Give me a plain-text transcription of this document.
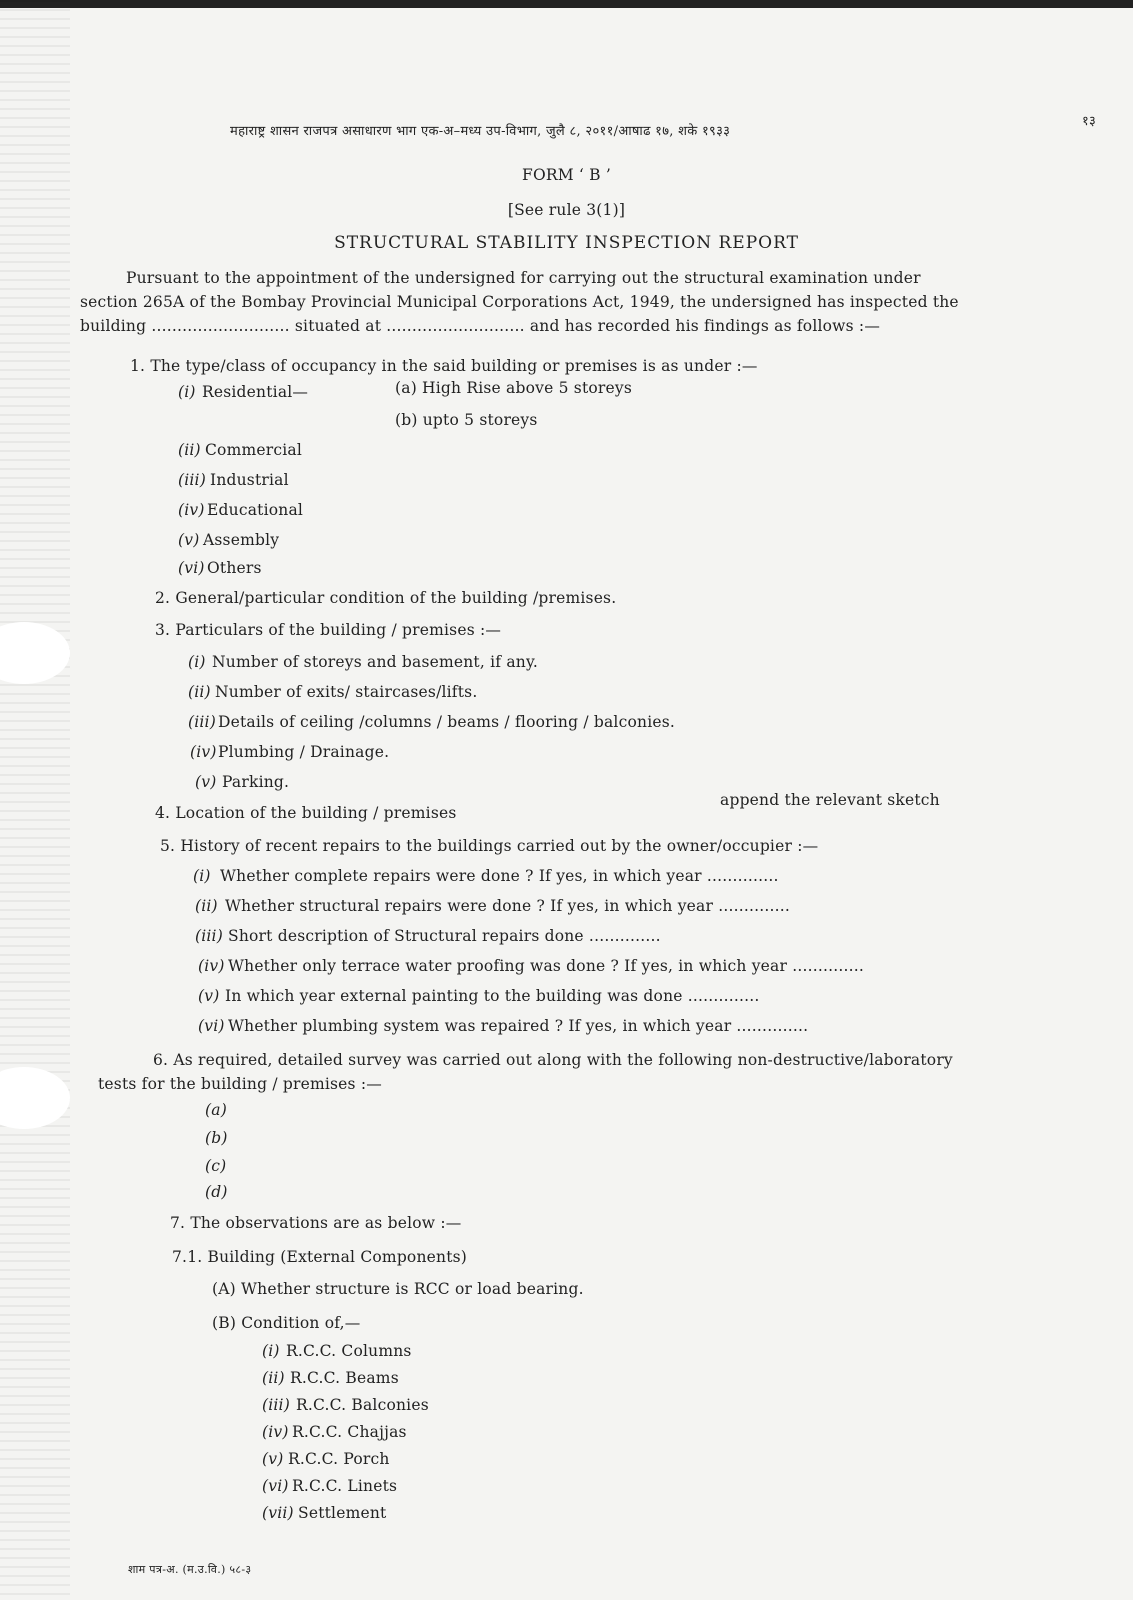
महाराष्ट्र शासन राजपत्र असाधारण भाग एक-अ–मध्य उप-विभाग, जुलै ८, २०११/आषाढ १७, शके १९३३
१३
FORM ‘ B ’
[See rule 3(1)]
STRUCTURAL STABILITY INSPECTION REPORT
Pursuant to the appointment of the undersigned for carrying out the structural examination under
section 265A of the Bombay Provincial Municipal Corporations Act, 1949, the undersigned has inspected the
building ........................... situated at ........................... and has recorded his findings as follows :—
1. The type/class of occupancy in the said building or premises is as under :—
(i) Residential—	(a) High Rise above 5 storeys
(b) upto 5 storeys
(ii) Commercial
(iii) Industrial
(iv) Educational
(v) Assembly
(vi) Others
2. General/particular condition of the building /premises.
3. Particulars of the building / premises :—
(i) Number of storeys and basement, if any.
(ii) Number of exits/ staircases/lifts.
(iii) Details of ceiling /columns / beams / flooring / balconies.
(iv) Plumbing / Drainage.
(v) Parking.
4. Location of the building / premises
append the relevant sketch
5. History of recent repairs to the buildings carried out by the owner/occupier :—
(i) Whether complete repairs were done ? If yes, in which year ..............
(ii) Whether structural repairs were done ? If yes, in which year ..............
(iii) Short description of Structural repairs done ..............
(iv) Whether only terrace water proofing was done ? If yes, in which year ..............
(v) In which year external painting to the building was done ..............
(vi) Whether plumbing system was repaired ? If yes, in which year ..............
6. As required, detailed survey was carried out along with the following non-destructive/laboratory
tests for the building / premises :—
(a)
(b)
(c)
(d)
7. The observations are as below :—
7.1. Building (External Components)
(A) Whether structure is RCC or load bearing.
(B) Condition of,—
(i) R.C.C. Columns
(ii) R.C.C. Beams
(iii) R.C.C. Balconies
(iv) R.C.C. Chajjas
(v) R.C.C. Porch
(vi) R.C.C. Linets
(vii) Settlement
शाम पत्र-अ. (म.उ.वि.) ५८-३
